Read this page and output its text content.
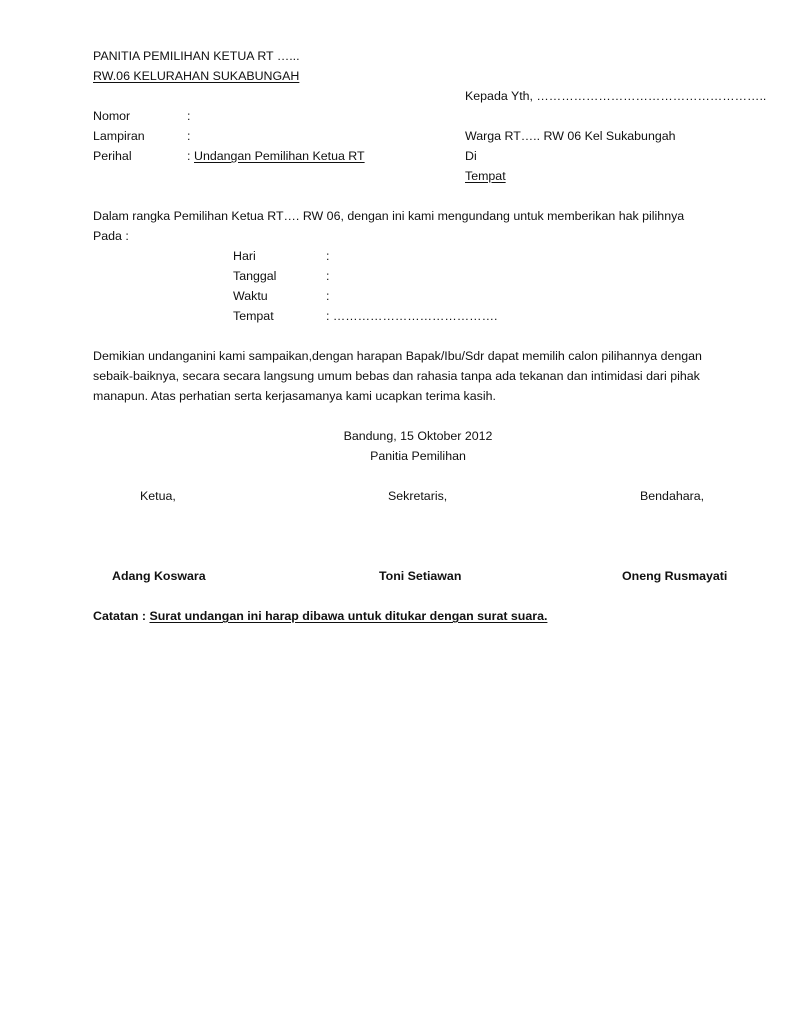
PANITIA PEMILIHAN KETUA RT …...
RW.06 KELURAHAN SUKABUNGAH
Kepada Yth, ………………………………………………..
Warga RT….. RW 06 Kel Sukabungah
Di
Tempat
Nomor	:
Lampiran	:
Perihal	: Undangan Pemilihan Ketua RT
Dalam rangka Pemilihan Ketua RT…. RW 06, dengan ini kami mengundang untuk memberikan hak pilihnya
Pada :
Hari	:
Tanggal	:
Waktu	:
Tempat	: ………………………………….
Demikian undanganini kami sampaikan,dengan harapan Bapak/Ibu/Sdr dapat memilih calon pilihannya dengan
sebaik-baiknya, secara secara langsung umum bebas dan rahasia tanpa ada tekanan dan intimidasi dari pihak
manapun. Atas perhatian serta kerjasamanya kami ucapkan terima kasih.
Bandung, 15 Oktober 2012
Panitia Pemilihan
Ketua,	Sekretaris,	Bendahara,
Adang Koswara	Toni Setiawan	Oneng Rusmayati
Catatan : Surat undangan ini harap dibawa untuk ditukar dengan surat suara.
